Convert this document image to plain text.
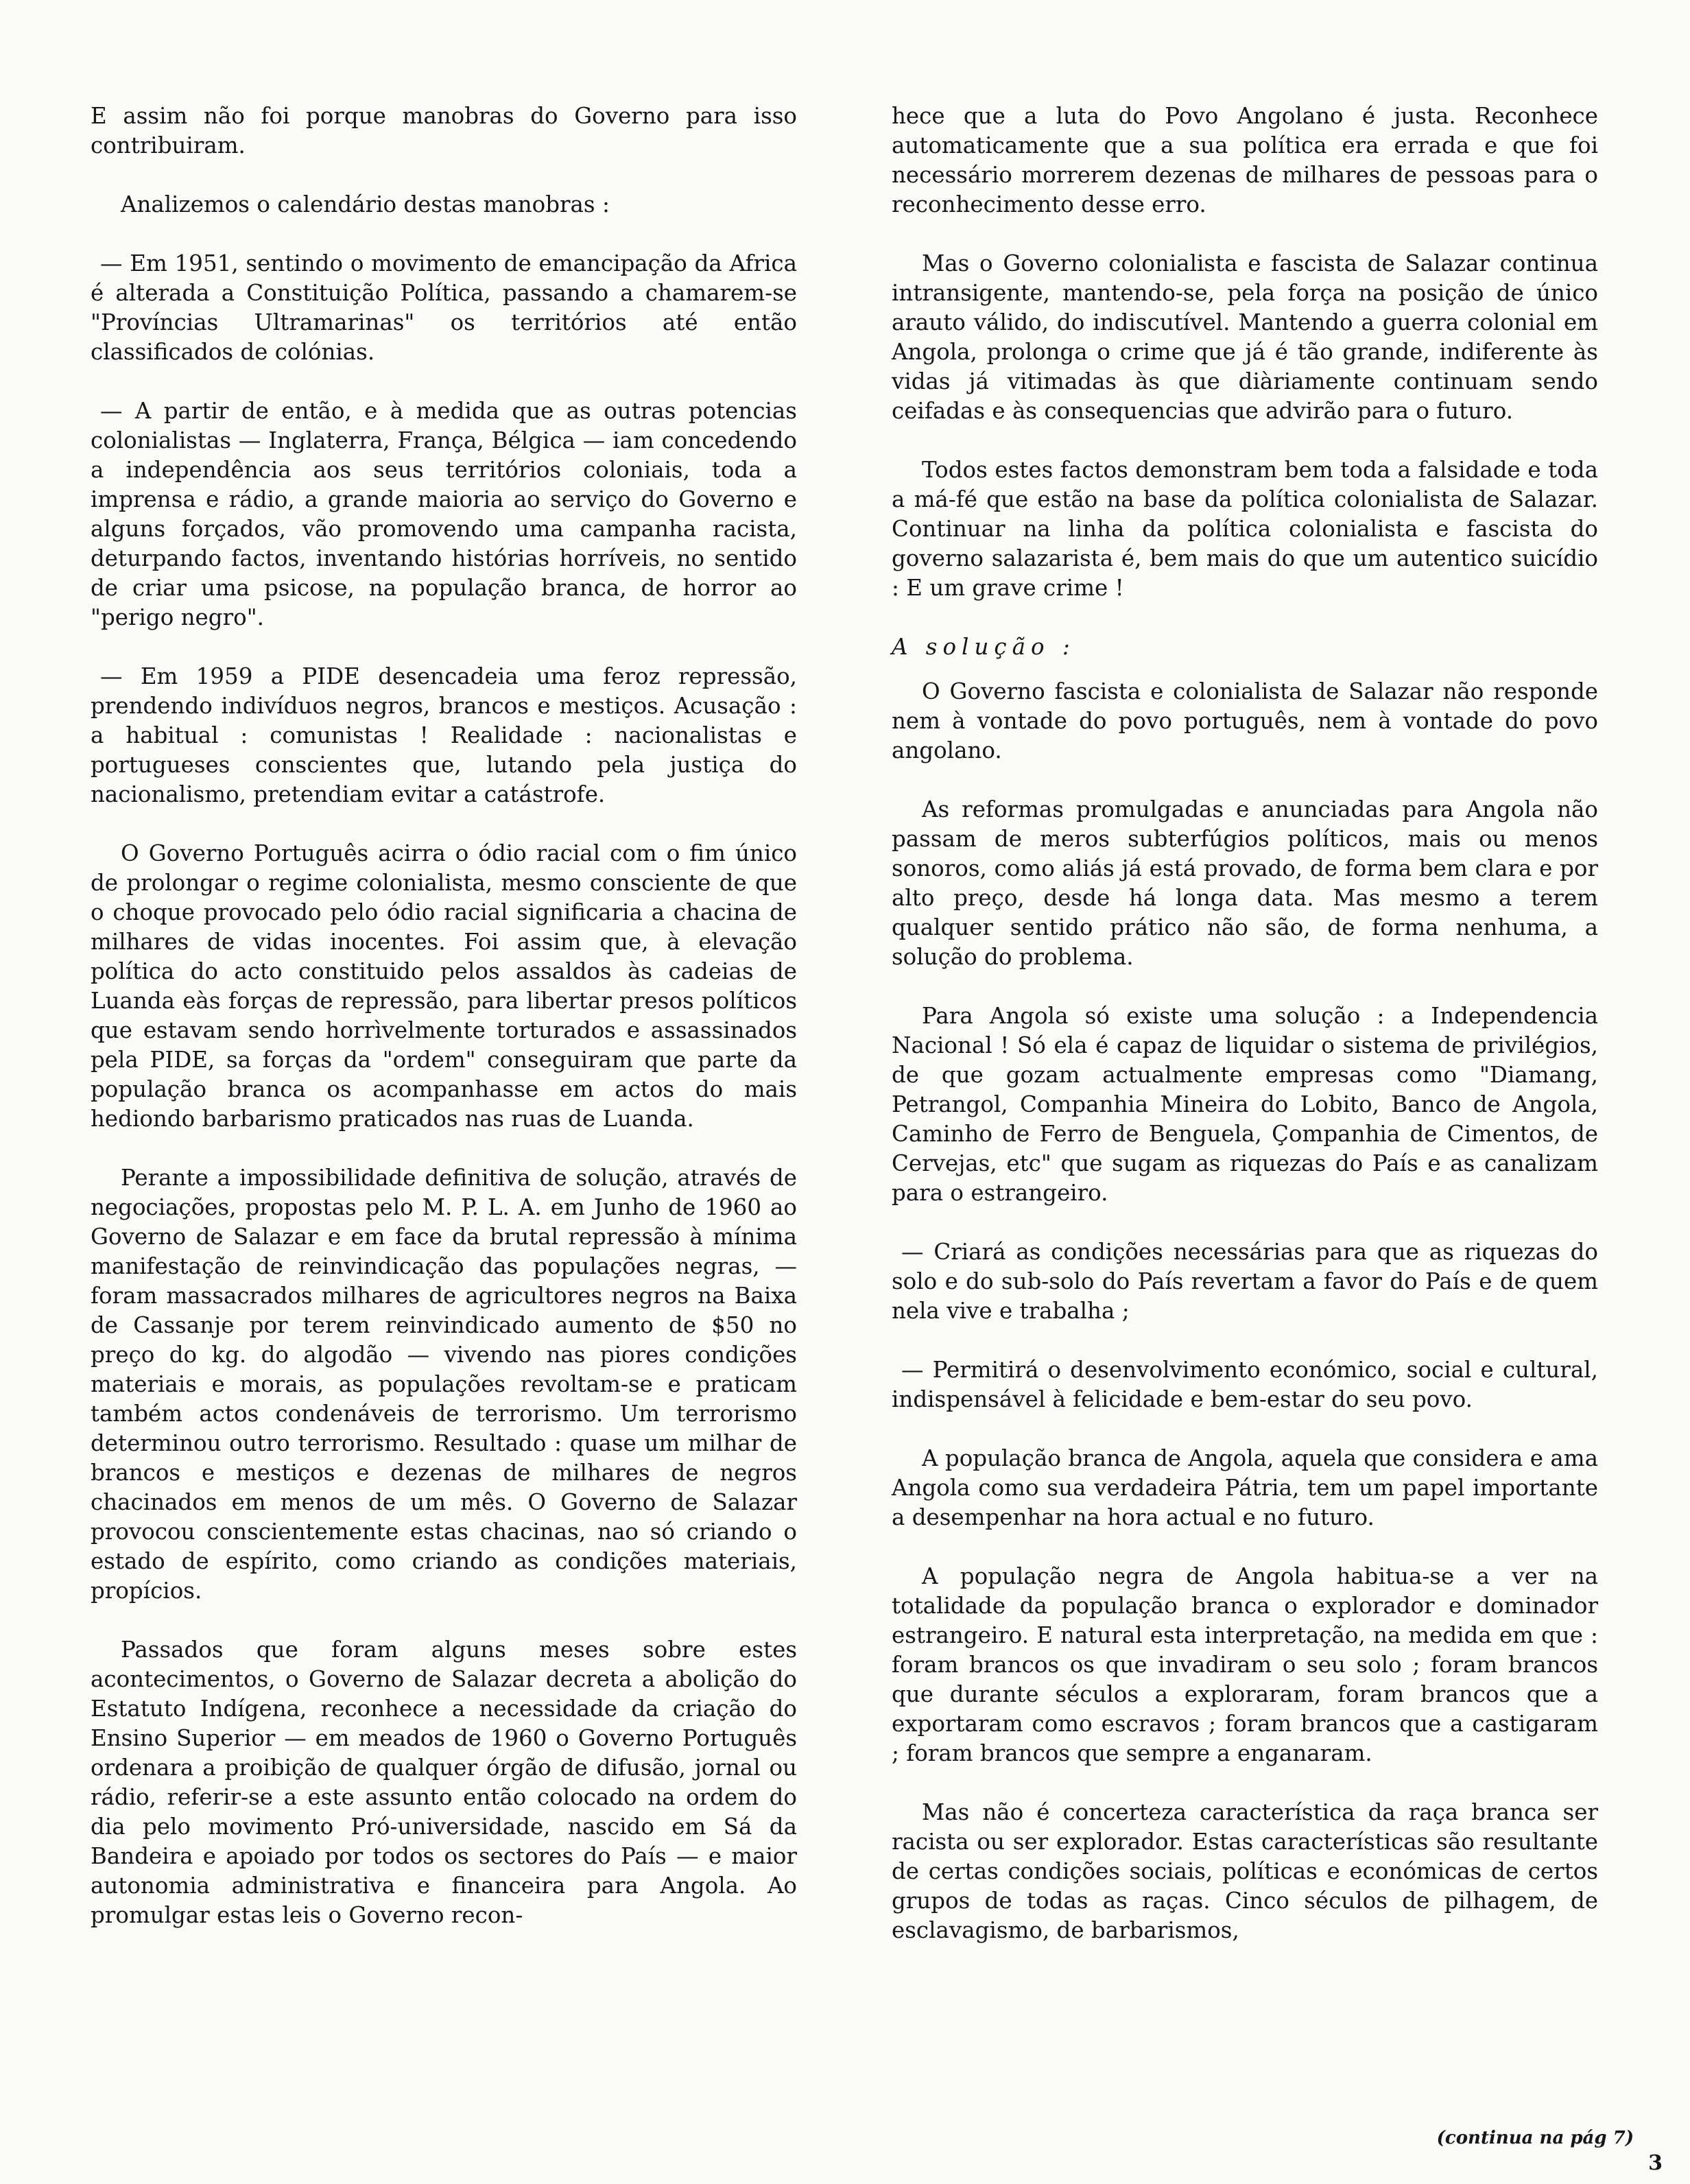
E assim não foi porque manobras do Governo para isso contribuiram.

Analizemos o calendário destas manobras :

— Em 1951, sentindo o movimento de emancipação da Africa é alterada a Constituição Política, passando a chamarem-se "Províncias Ultramarinas" os territórios até então classificados de colónias.

— A partir de então, e à medida que as outras potencias colonialistas — Inglaterra, França, Bélgica — iam concedendo a independência aos seus territórios coloniais, toda a imprensa e rádio, a grande maioria ao serviço do Governo e alguns forçados, vão promovendo uma campanha racista, deturpando factos, inventando histórias horríveis, no sentido de criar uma psicose, na população branca, de horror ao "perigo negro".

— Em 1959 a PIDE desencadeia uma feroz repressão, prendendo indivíduos negros, brancos e mestiços. Acusação : a habitual : comunistas ! Realidade : nacionalistas e portugueses conscientes que, lutando pela justiça do nacionalismo, pretendiam evitar a catástrofe.

O Governo Português acirra o ódio racial com o fim único de prolongar o regime colonialista, mesmo consciente de que o choque provocado pelo ódio racial significaria a chacina de milhares de vidas inocentes. Foi assim que, à elevação política do acto constituido pelos assaldos às cadeias de Luanda eàs forças de repressão, para libertar presos políticos que estavam sendo horrìvelmente torturados e assassinados pela PIDE, sa forças da "ordem" conseguiram que parte da população branca os acompanhasse em actos do mais hediondo barbarismo praticados nas ruas de Luanda.

Perante a impossibilidade definitiva de solução, através de negociações, propostas pelo M. P. L. A. em Junho de 1960 ao Governo de Salazar e em face da brutal repressão à mínima manifestação de reinvindicação das populações negras, — foram massacrados milhares de agricultores negros na Baixa de Cassanje por terem reinvindicado aumento de $50 no preço do kg. do algodão — vivendo nas piores condições materiais e morais, as populações revoltam-se e praticam também actos condenáveis de terrorismo. Um terrorismo determinou outro terrorismo. Resultado : quase um milhar de brancos e mestiços e dezenas de milhares de negros chacinados em menos de um mês. O Governo de Salazar provocou conscientemente estas chacinas, nao só criando o estado de espírito, como criando as condições materiais, propícios.

Passados que foram alguns meses sobre estes acontecimentos, o Governo de Salazar decreta a abolição do Estatuto Indígena, reconhece a necessidade da criação do Ensino Superior — em meados de 1960 o Governo Português ordenara a proibição de qualquer órgão de difusão, jornal ou rádio, referir-se a este assunto então colocado na ordem do dia pelo movimento Pró-universidade, nascido em Sá da Bandeira e apoiado por todos os sectores do País — e maior autonomia administrativa e financeira para Angola. Ao promulgar estas leis o Governo recon-

hece que a luta do Povo Angolano é justa. Reconhece automaticamente que a sua política era errada e que foi necessário morrerem dezenas de milhares de pessoas para o reconhecimento desse erro.

Mas o Governo colonialista e fascista de Salazar continua intransigente, mantendo-se, pela força na posição de único arauto válido, do indiscutível. Mantendo a guerra colonial em Angola, prolonga o crime que já é tão grande, indiferente às vidas já vitimadas às que diàriamente continuam sendo ceifadas e às consequencias que advirão para o futuro.

Todos estes factos demonstram bem toda a falsidade e toda a má-fé que estão na base da política colonialista de Salazar. Continuar na linha da política colonialista e fascista do governo salazarista é, bem mais do que um autentico suicídio : E um grave crime !

A solução :

O Governo fascista e colonialista de Salazar não responde nem à vontade do povo português, nem à vontade do povo angolano.

As reformas promulgadas e anunciadas para Angola não passam de meros subterfúgios políticos, mais ou menos sonoros, como aliás já está provado, de forma bem clara e por alto preço, desde há longa data. Mas mesmo a terem qualquer sentido prático não são, de forma nenhuma, a solução do problema.

Para Angola só existe uma solução : a Independencia Nacional ! Só ela é capaz de liquidar o sistema de privilégios, de que gozam actualmente empresas como "Diamang, Petrangol, Companhia Mineira do Lobito, Banco de Angola, Caminho de Ferro de Benguela, Çompanhia de Cimentos, de Cervejas, etc" que sugam as riquezas do País e as canalizam para o estrangeiro.

— Criará as condições necessárias para que as riquezas do solo e do sub-solo do País revertam a favor do País e de quem nela vive e trabalha ;

— Permitirá o desenvolvimento económico, social e cultural, indispensável à felicidade e bem-estar do seu povo.

A população branca de Angola, aquela que considera e ama Angola como sua verdadeira Pátria, tem um papel importante a desempenhar na hora actual e no futuro.

A população negra de Angola habitua-se a ver na totalidade da população branca o explorador e dominador estrangeiro. E natural esta interpretação, na medida em que : foram brancos os que invadiram o seu solo ; foram brancos que durante séculos a exploraram, foram brancos que a exportaram como escravos ; foram brancos que a castigaram ; foram brancos que sempre a enganaram.

Mas não é concerteza característica da raça branca ser racista ou ser explorador. Estas características são resultante de certas condições sociais, políticas e económicas de certos grupos de todas as raças. Cinco séculos de pilhagem, de esclavagismo, de barbarismos,

(continua na pág 7)
3
